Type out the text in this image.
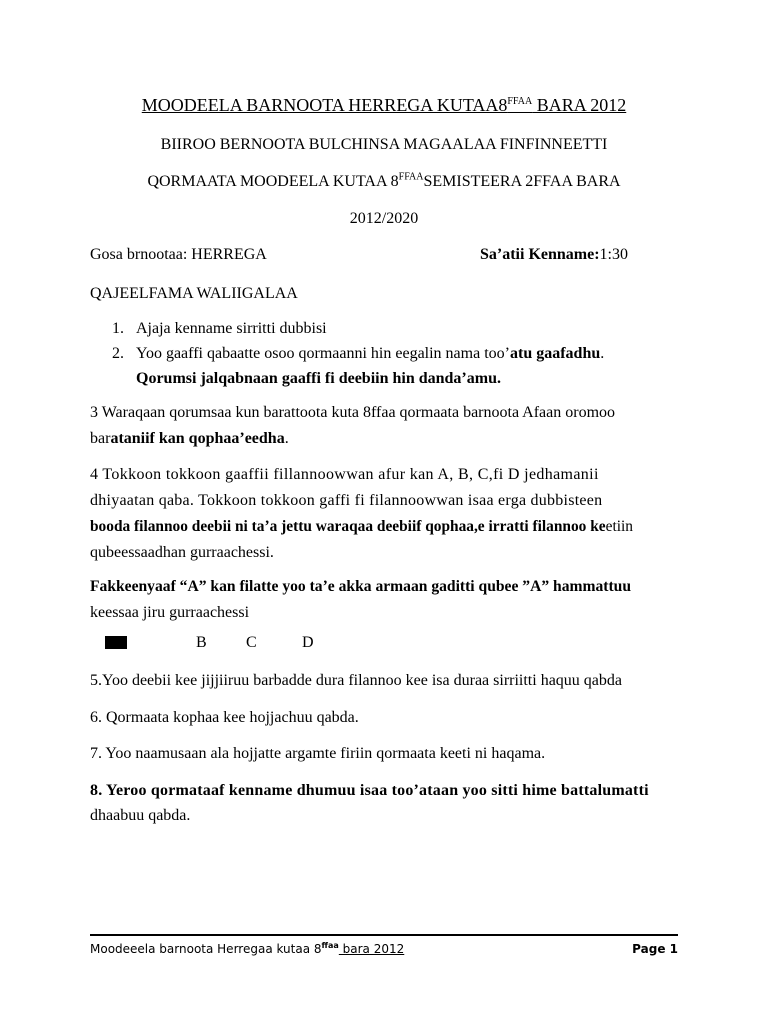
MOODEELA BARNOOTA HERREGA $KUTAA8^{FFAA}$ BARA 2012
BIIROO BERNOOTA BULCHINSA MAGAALAA FINFINNEETTI
QORMAATA MOODEELA KUTAA $8^{FFAA}SEMISTEERA$ 2FFAA BARA
2012/2020
Gosa brnootaa: HERREGA	Sa’atii Kenname:1:30
QAJEELFAMA WALIIGALAA
1. Ajaja kenname sirritti dubbisi
2. Yoo gaaffi qabaatte osoo qormaanni hin eegalin nama too’atu gaafadhu.
Qorumsi jalqabnaan gaaffi fi deebiin hin danda’amu.
3 Waraqaan qorumsaa kun barattoota kuta 8ffaa qormaata barnoota Afaan oromoo
barataniif kan qophaa’eedha.
4 Tokkoon tokkoon gaaffii fillannoowwan afur kan A, B, C,fi D jedhamanii
dhiyaatan qaba. Tokkoon tokkoon gaffi fi filannoowwan isaa erga dubbisteen
booda filannoo deebii ni ta’a jettu waraqaa deebiif qophaa,e irratti filannoo keetiin
qubeessaadhan gurraachessi.
Fakkeenyaaf “A” kan filatte yoo ta’e akka armaan gaditti qubee ”A” hammattuu
keessaa jiru gurraachessi
B C	D
5.Yoo deebii kee jijjiiruu barbadde dura filannoo kee isa duraa sirriitti haquu qabda
6. Qormaata kophaa kee hojjachuu qabda.
7. Yoo naamusaan ala hojjatte argamte firiin qormaata keeti ni haqama.
8. Yeroo qormataaf kenname dhumuu isaa too’ataan yoo sitti hime battalumatti
dhaabuu qabda.
Moodeeela barnoota Herregaa kutaa $8^{ffaa}$ bara 2012	Page 1
